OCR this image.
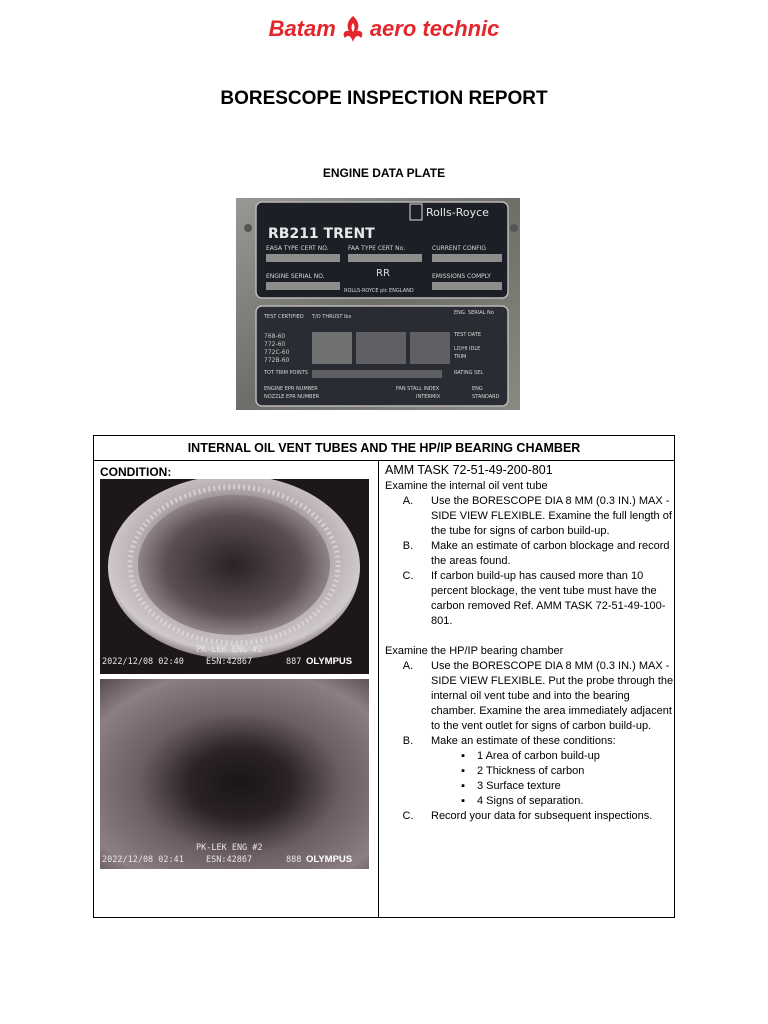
Batam aero technic
BORESCOPE INSPECTION REPORT
ENGINE DATA PLATE
RB211 TRENT
Rolls-Royce
EASA TYPE CERT NO.	FAA TYPE CERT No.	CURRENT CONFIG
ENGINE SERIAL NO.	EMISSIONS COMPLY
RR
ROLLS-ROYCE plc ENGLAND
TEST CERTIFIED T/O THRUST lbs
ENG. SERIAL No
768-60
772-60
772C-60
772B-60
TEST DATE
LO/HI IDLE
TRIM
TOT TRIM POINTS	RATING SEL
ENGINE EPR NUMBER
NOZZLE EPR NUMBER
FAN STALL INDEX
INTERMIX
ENG
STANDARD
INTERNAL OIL VENT TUBES AND THE HP/IP BEARING CHAMBER

CONDITION:
PK-LEK ENG #2
2022/12/08 02:40	ESN:42867	887 OLYMPUS
PK-LEK ENG #2
2022/12/08 02:41	ESN:42867	888 OLYMPUS

AMM TASK 72-51-49-200-801

Examine the internal oil vent tube

A.	Use the BORESCOPE DIA 8 MM (0.3 IN.) MAX - SIDE VIEW FLEXIBLE. Examine the full length of the tube for signs of carbon build-up.
B.	Make an estimate of carbon blockage and record the areas found.
C.	If carbon build-up has caused more than 10 percent blockage, the vent tube must have the carbon removed Ref. AMM TASK 72-51-49-100-801.

Examine the HP/IP bearing chamber

A.	Use the BORESCOPE DIA 8 MM (0.3 IN.) MAX - SIDE VIEW FLEXIBLE. Put the probe through the internal oil vent tube and into the bearing chamber. Examine the area immediately adjacent to the vent outlet for signs of carbon build-up.
B.	Make an estimate of these conditions:
▪	1 Area of carbon build-up
▪	2 Thickness of carbon
▪	3 Surface texture
▪	4 Signs of separation.
C.	Record your data for subsequent inspections.
